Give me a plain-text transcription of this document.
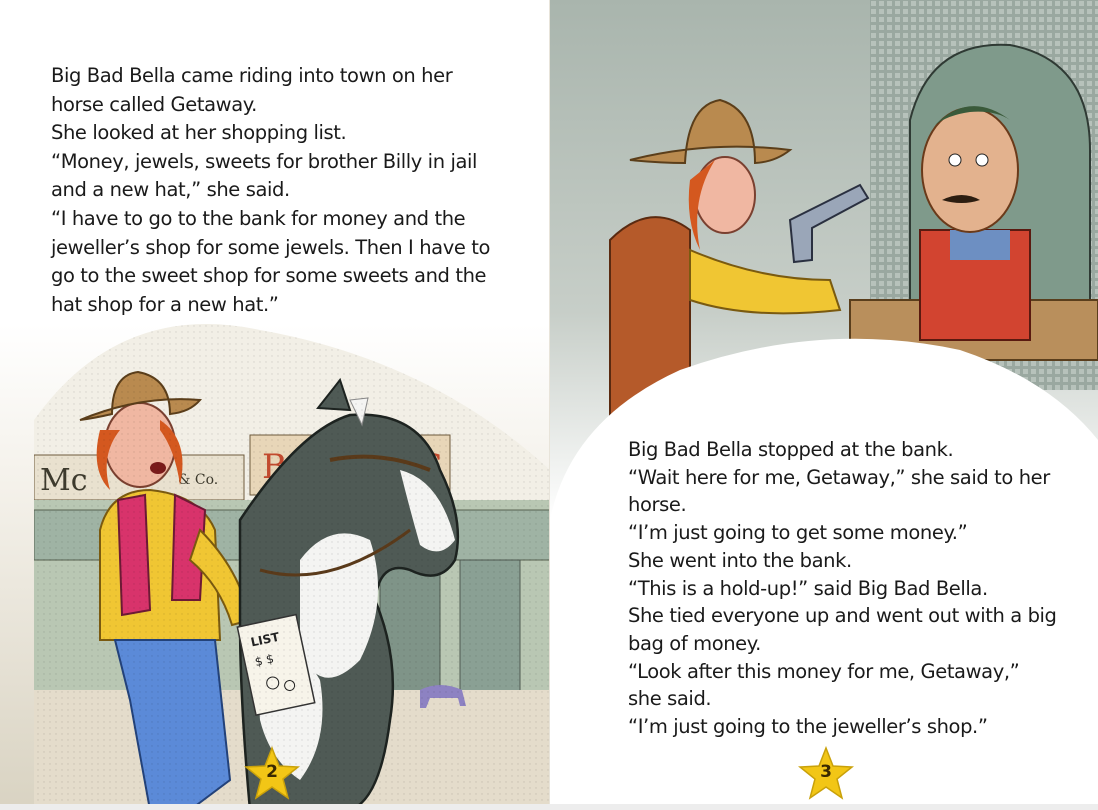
Big Bad Bella came riding into town on her horse called Getaway.

She looked at her shopping list.

“Money, jewels, sweets for brother Billy in jail and a new hat,” she said.

“I have to go to the bank for money and the jeweller’s shop for some jewels. Then I have to go to the sweet shop for some sweets and the hat shop for a new hat.”

2

Big Bad Bella stopped at the bank.

“Wait here for me, Getaway,” she said to her horse.

“I’m just going to get some money.”

She went into the bank.

“This is a hold-up!” said Big Bad Bella.

She tied everyone up and went out with a big bag of money.

“Look after this money for me, Getaway,” she said.

“I’m just going to the jeweller’s shop.”

3
